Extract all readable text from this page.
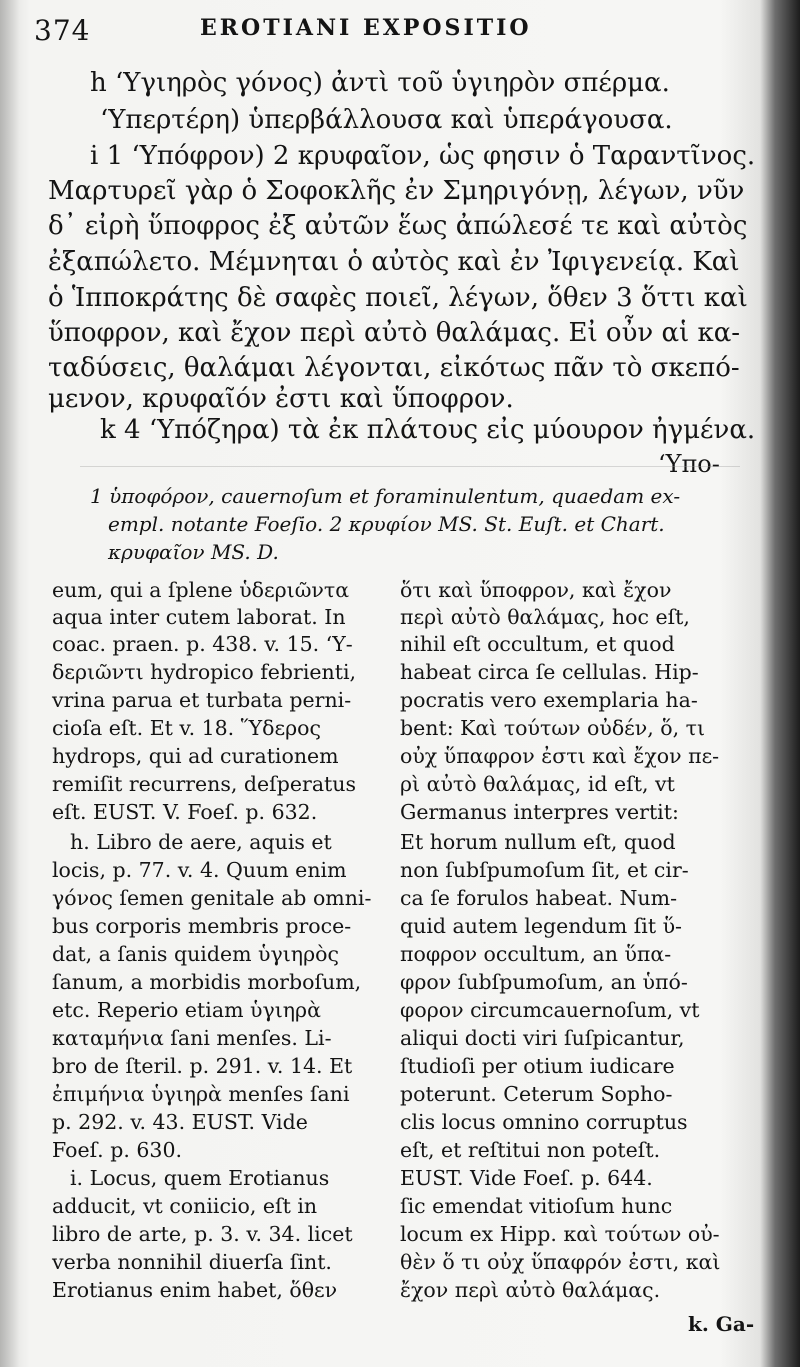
374	EROTIANI EXPOSITIO
h ‘Υγιηρὸς γόνος) ἀντὶ τοῦ ὑγιηρὸν σπέρμα.
‘Υπερτέρη) ὑπερβάλλουσα καὶ ὑπεράγουσα.
i 1 ‘Υπόφρον) 2 κρυφαῖον, ὡς φησιν ὁ Ταραντῖνος.
Μαρτυρεῖ γὰρ ὁ Σοφοκλῆς ἐν Σμηριγόνῃ, λέγων, νῦν
δ᾽ εἰρὴ ὕποφρος ἐξ αὐτῶν ἕως ἀπώλεσέ τε καὶ αὐτὸς
ἐξαπώλετο. Μέμνηται ὁ αὐτὸς καὶ ἐν Ἰφιγενείᾳ. Καὶ
ὁ Ἱπποκράτης δὲ σαφὲς ποιεῖ, λέγων, ὅθεν 3 ὅττι καὶ
ὕποφρον, καὶ ἔχον περὶ αὐτὸ θαλάμας. Εἰ οὖν αἱ κα-
ταδύσεις, θαλάμαι λέγονται, εἰκότως πᾶν τὸ σκεπό-
μενον, κρυφαῖόν ἐστι καὶ ὕποφρον.
k 4 ‘Υπόζηρα) τὰ ἐκ πλάτους εἰς μύουρον ἠγμένα.
‘Υπο-
1 ὑποφόρον, cauernoſum et foraminulentum, quaedam ex-
empl. notante Foeſio. 2 κρυφίον MS. St. Euſt. et Chart.
κρυφαῖον MS. D.
eum, qui a ſplene ὑδεριῶντα
aqua inter cutem laborat. In
coac. praen. p. 438. v. 15. ‘Υ-
δεριῶντι hydropico febrienti,
vrina parua et turbata perni-
cioſa eſt. Et v. 18. Ὕδερος
hydrops, qui ad curationem
remiſit recurrens, deſperatus
eſt. EUST. V. Foeſ. p. 632.
h. Libro de aere, aquis et
locis, p. 77. v. 4. Quum enim
γόνος ſemen genitale ab omni-
bus corporis membris proce-
dat, a ſanis quidem ὑγιηρὸς
ſanum, a morbidis morboſum,
etc. Reperio etiam ὑγιηρὰ
καταμήνια ſani menſes. Li-
bro de ſteril. p. 291. v. 14. Et
ἐπιμήνια ὑγιηρὰ menſes ſani
p. 292. v. 43. EUST. Vide
Foeſ. p. 630.
i. Locus, quem Erotianus
adducit, vt coniicio, eſt in
libro de arte, p. 3. v. 34. licet
verba nonnihil diuerſa ſint.
Erotianus enim habet, ὅθεν
ὅτι καὶ ὕποφρον, καὶ ἔχον
περὶ αὐτὸ θαλάμας, hoc eſt,
nihil eſt occultum, et quod
habeat circa ſe cellulas. Hip-
pocratis vero exemplaria ha-
bent: Καὶ τούτων οὐδέν, ὅ, τι
οὐχ ὕπαφρον ἐστι καὶ ἔχον πε-
ρὶ αὐτὸ θαλάμας, id eſt, vt
Germanus interpres vertit:
Et horum nullum eſt, quod
non ſubſpumoſum ſit, et cir-
ca ſe forulos habeat. Num-
quid autem legendum ſit ὕ-
ποφρον occultum, an ὕπα-
φρον ſubſpumoſum, an ὑπό-
φορον circumcauernoſum, vt
aliqui docti viri ſuſpicantur,
ſtudioſi per otium iudicare
poterunt. Ceterum Sopho-
clis locus omnino corruptus
eſt, et reſtitui non poteſt.
EUST. Vide Foeſ. p. 644.
ſic emendat vitioſum hunc
locum ex Hipp. καὶ τούτων οὐ-
θὲν ὅ τι οὐχ ὕπαφρόν ἐστι, καὶ
ἔχον περὶ αὐτὸ θαλάμας.
k. Ga-
